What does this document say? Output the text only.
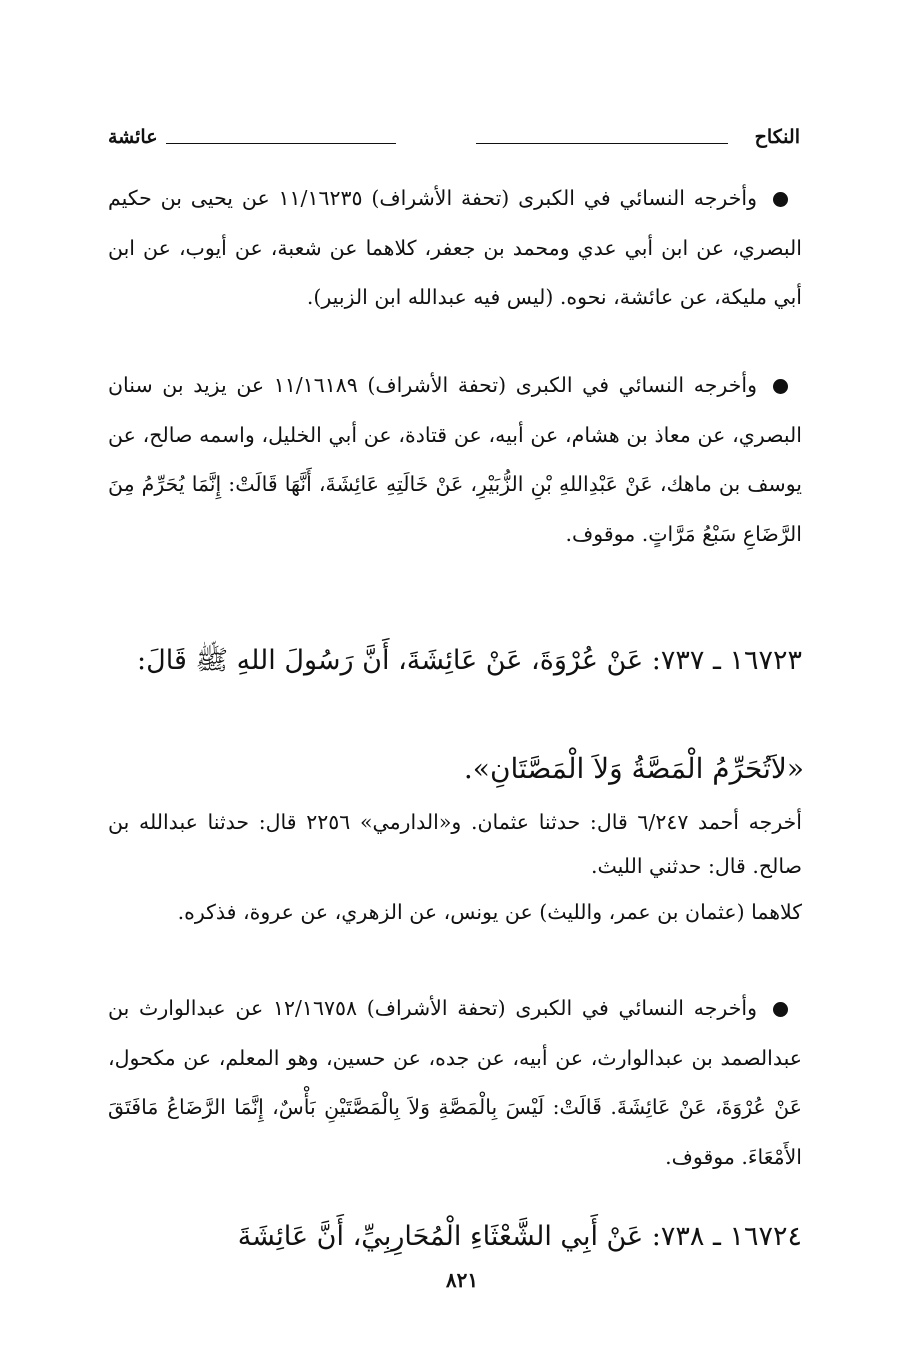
النكاح
عائشة

وأخرجه النسائي في الكبرى (تحفة الأشراف) ١١/١٦٢٣٥ عن يحيى بن حكيم البصري، عن ابن أبي عدي ومحمد بن جعفر، كلاهما عن شعبة، عن أيوب، عن ابن أبي مليكة، عن عائشة، نحوه. (ليس فيه عبدالله ابن الزبير).

وأخرجه النسائي في الكبرى (تحفة الأشراف) ١١/١٦١٨٩ عن يزيد بن سنان البصري، عن معاذ بن هشام، عن أبيه، عن قتادة، عن أبي الخليل، واسمه صالح، عن يوسف بن ماهك، عَنْ عَبْدِاللهِ بْنِ الزُّبَيْرِ، عَنْ خَالَتِهِ عَائِشَةَ، أَنَّهَا قَالَتْ: إِنَّمَا يُحَرِّمُ مِنَ الرَّضَاعِ سَبْعُ مَرَّاتٍ. موقوف.

١٦٧٢٣ ـ ٧٣٧: عَنْ عُرْوَةَ، عَنْ عَائِشَةَ، أَنَّ رَسُولَ اللهِ ﷺ قَالَ:

«لاَتُحَرِّمُ الْمَصَّةُ وَلاَ الْمَصَّتَانِ».

أخرجه أحمد ٦/٢٤٧ قال: حدثنا عثمان. و«الدارمي» ٢٢٥٦ قال: حدثنا عبدالله بن صالح. قال: حدثني الليث.

كلاهما (عثمان بن عمر، والليث) عن يونس، عن الزهري، عن عروة، فذكره.

وأخرجه النسائي في الكبرى (تحفة الأشراف) ١٢/١٦٧٥٨ عن عبدالوارث بن عبدالصمد بن عبدالوارث، عن أبيه، عن جده، عن حسين، وهو المعلم، عن مكحول، عَنْ عُرْوَةَ، عَنْ عَائِشَةَ. قَالَتْ: لَيْسَ بِالْمَصَّةِ وَلاَ بِالْمَصَّتَيْنِ بَأْسٌ، إِنَّمَا الرَّضَاعُ مَافَتَقَ الأَمْعَاءَ. موقوف.

١٦٧٢٤ ـ ٧٣٨: عَنْ أَبِي الشَّعْثَاءِ الْمُحَارِبِيِّ، أَنَّ عَائِشَةَ

٨٢١
